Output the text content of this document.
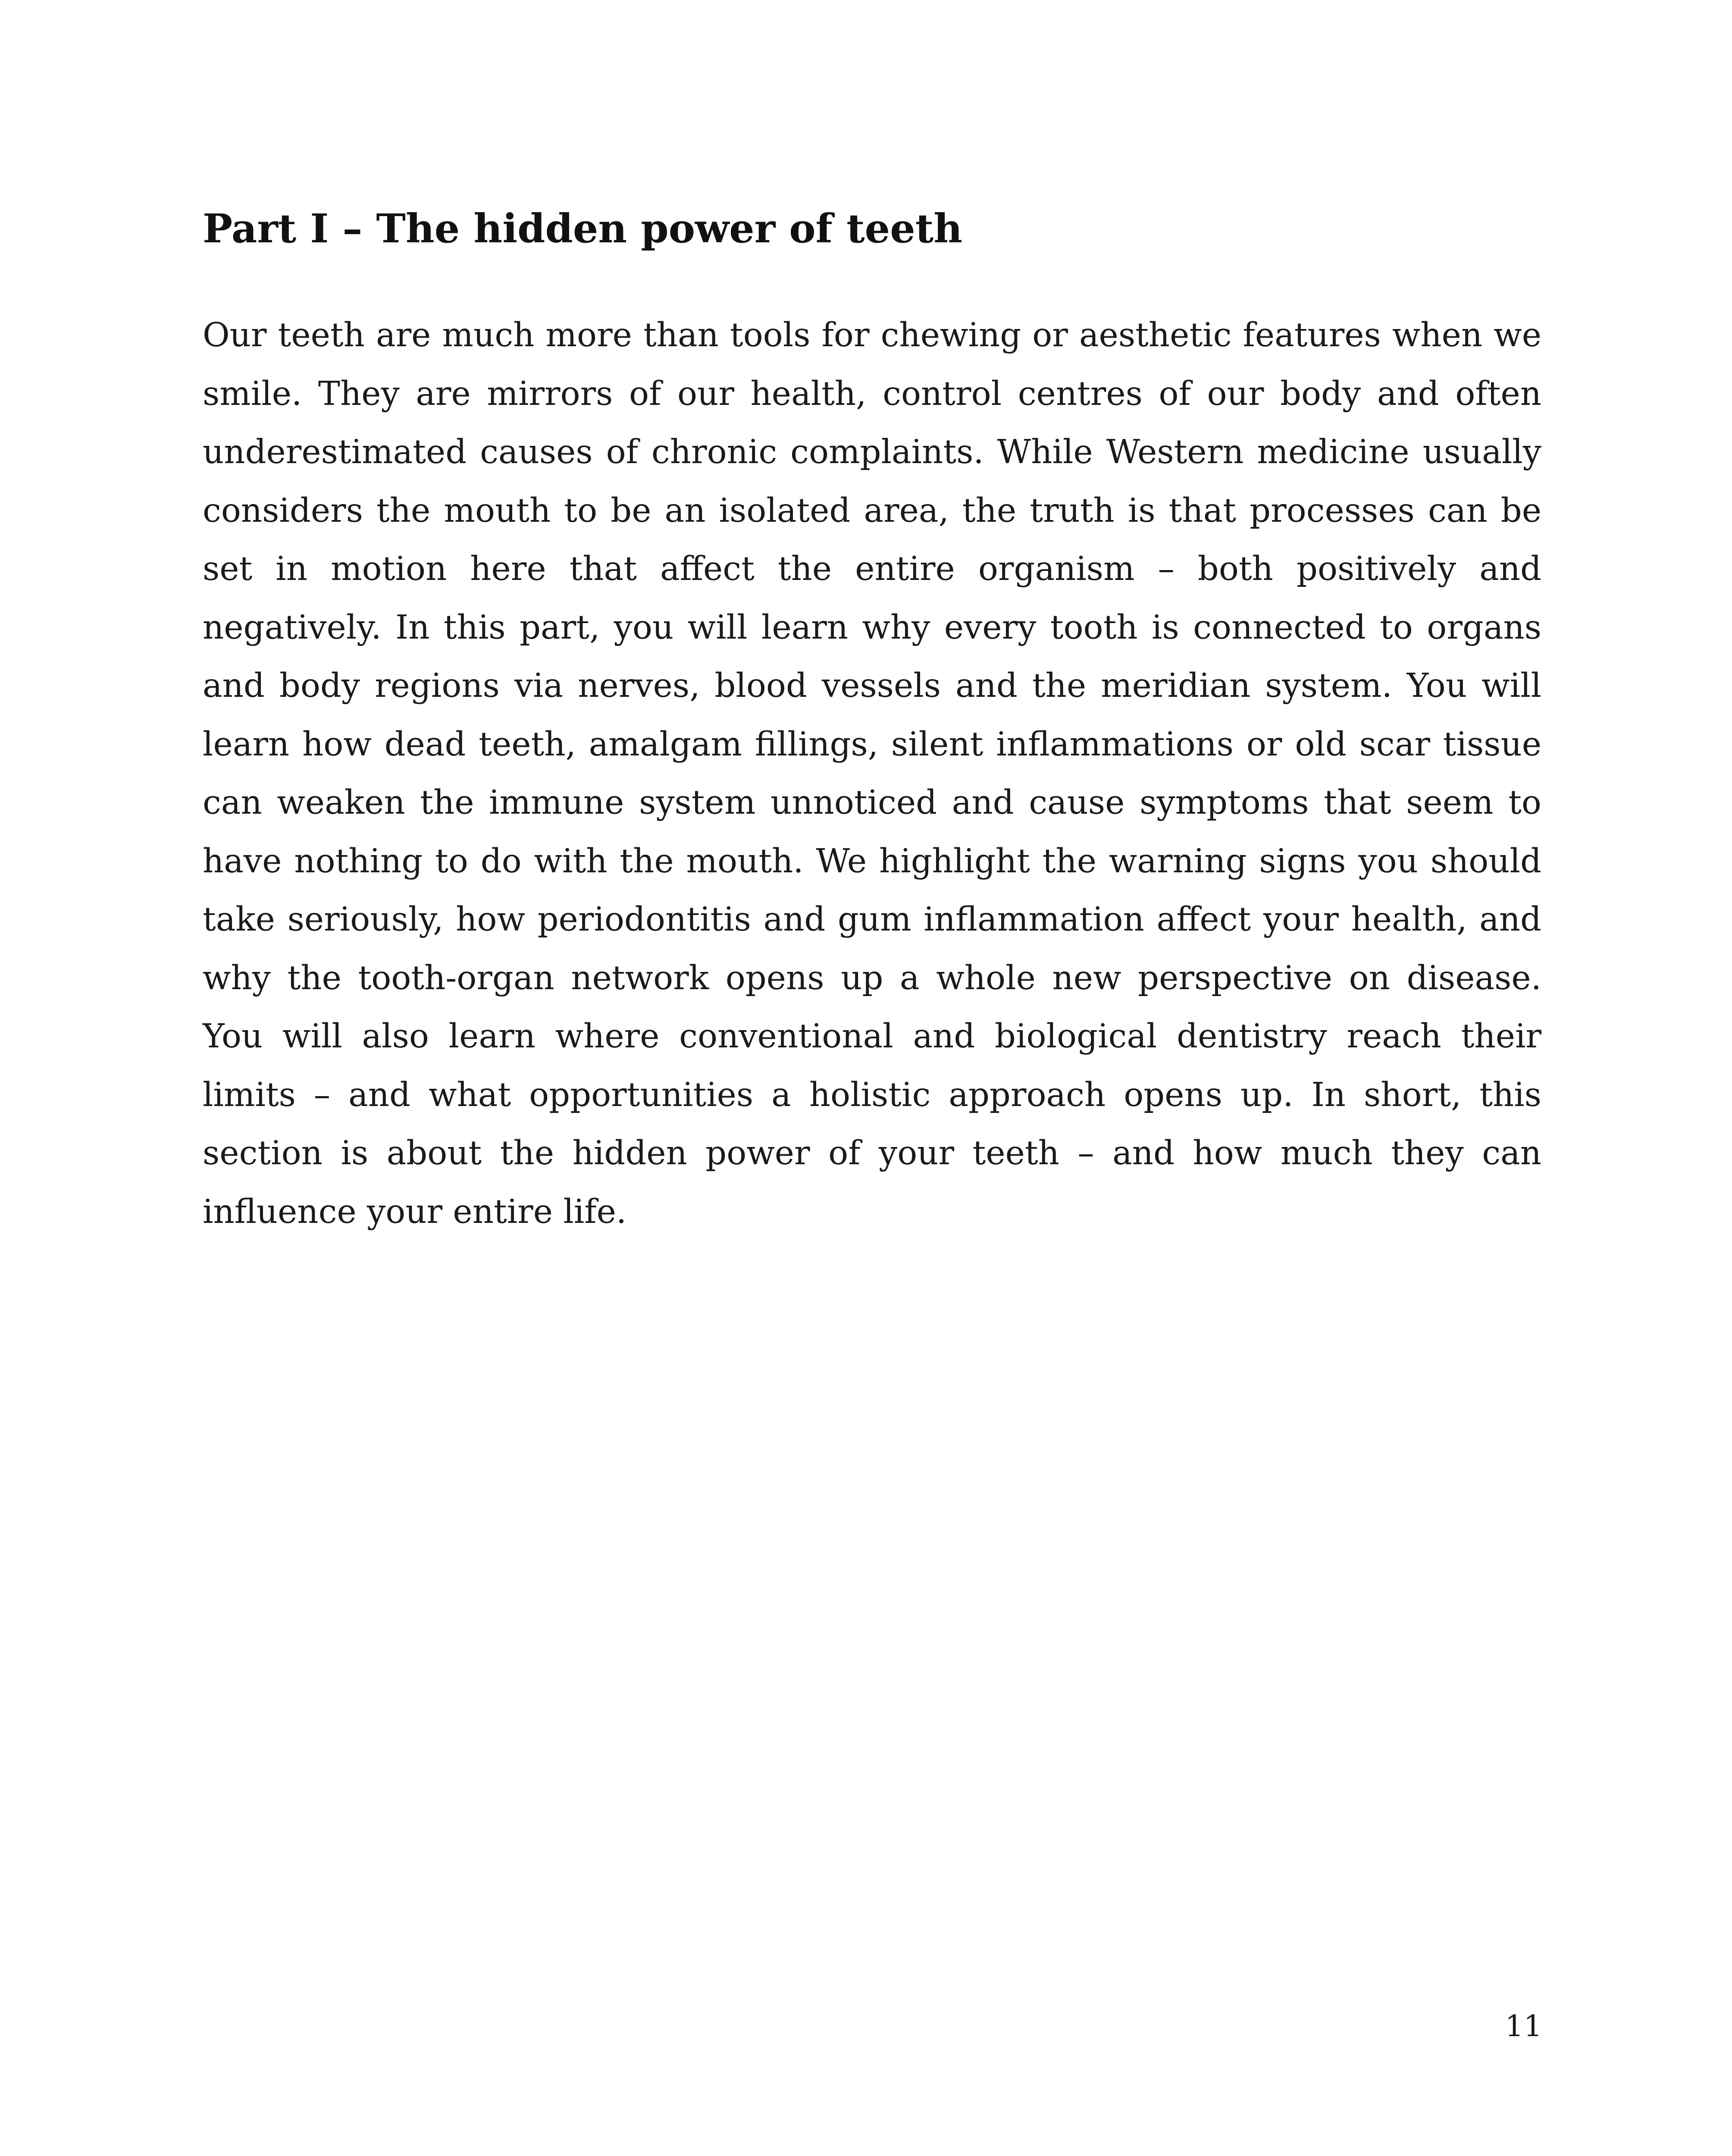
Part I – The hidden power of teeth

Our teeth are much more than tools for chewing or aesthetic features when we smile. They are mirrors of our health, control centres of our body and often underestimated causes of chronic complaints. While Western medicine usually considers the mouth to be an isolated area, the truth is that processes can be set in motion here that affect the entire organism – both positively and negatively. In this part, you will learn why every tooth is connected to organs and body regions via nerves, blood vessels and the meridian system. You will learn how dead teeth, amalgam fillings, silent inflammations or old scar tissue can weaken the immune system unnoticed and cause symptoms that seem to have nothing to do with the mouth. We highlight the warning signs you should take seriously, how periodontitis and gum inflammation affect your health, and why the tooth-organ network opens up a whole new perspective on disease. You will also learn where conventional and biological dentistry reach their limits – and what opportunities a holistic approach opens up. In short, this section is about the hidden power of your teeth – and how much they can influence your entire life.

11
